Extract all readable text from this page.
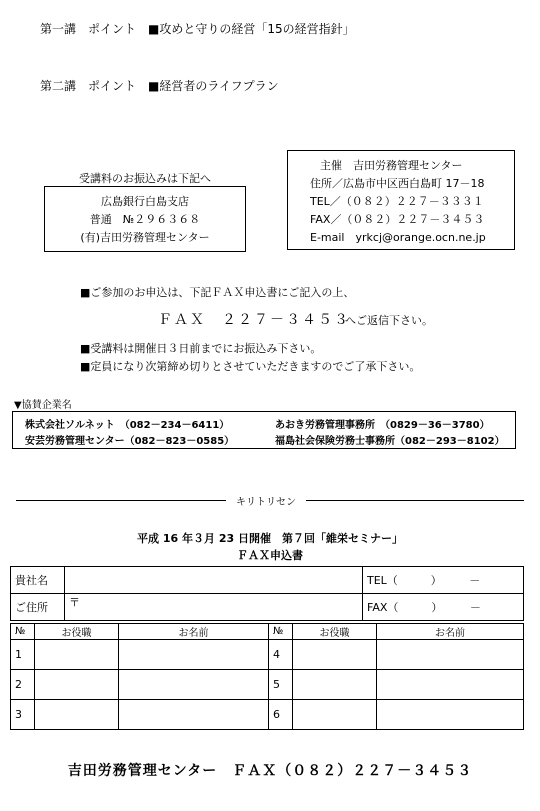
第一講　ポイント　■攻めと守りの経営「15の経営指針」
第二講　ポイント　■経営者のライフプラン
受講料のお振込みは下記へ
広島銀行白島支店
普通　№２９６３６８
(有)吉田労務管理センター
主催　吉田労務管理センター
住所／広島市中区西白島町 17－18
TEL／（０８２）２２７－３３３１
FAX／（０８２）２２７－３４５３
E-mail　yrkcj@orange.ocn.ne.jp
■ご参加のお申込は、下記ＦＡＸ申込書にご記入の上、
ＦＡＸ　２２７－３４５３
へご返信下さい。
■受講料は開催日３日前までにお振込み下さい。
■定員になり次第締め切りとさせていただきますのでご了承下さい。
▼協賛企業名
株式会社ソルネット　（082－234－6411）	あおき労務管理事務所　（0829－36－3780）
安芸労務管理センター（082－823－0585）	福島社会保険労務士事務所（082－293－8102）
キリトリセン
平成 16 年３月 23 日開催　第７回「維栄セミナー」
ＦＡＸ申込書
貴社名		TEL（　　　）　　　－
ご住所	〒	FAX（　　　）　　　－
№	お役職	お名前	№	お役職	お名前
1			4		
2			5		
3			6		
吉田労務管理センター　ＦＡＸ（０８２）２２７－３４５３
